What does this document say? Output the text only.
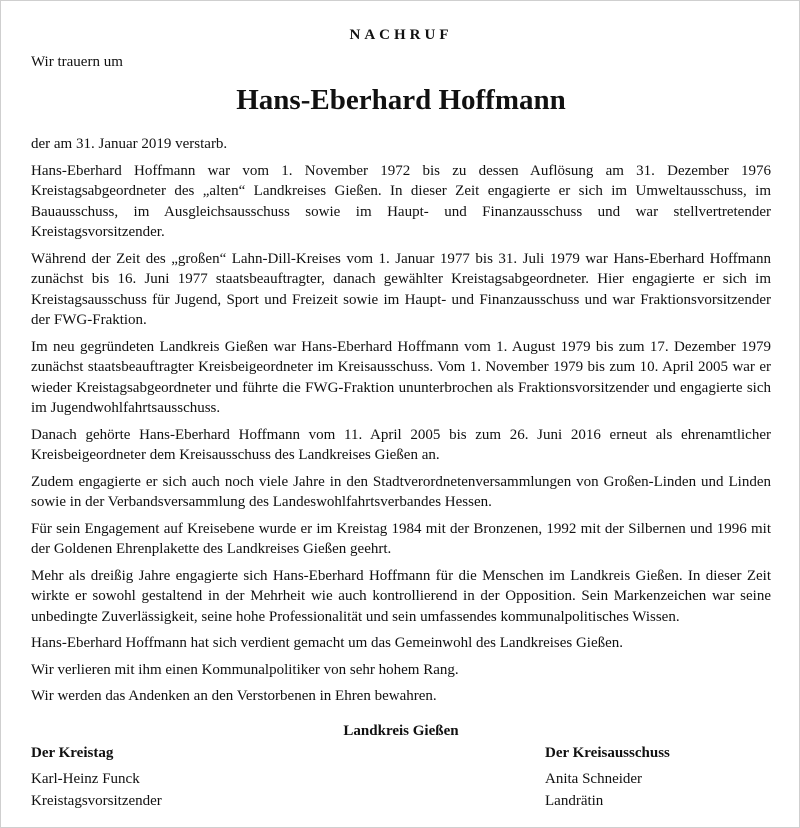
NACHRUF
Wir trauern um
Hans-Eberhard Hoffmann

der am 31. Januar 2019 verstarb.

Hans-Eberhard Hoffmann war vom 1. November 1972 bis zu dessen Auflösung am 31. Dezember 1976 Kreistagsabgeordneter des „alten“ Landkreises Gießen. In dieser Zeit engagierte er sich im Umweltausschuss, im Bauausschuss, im Ausgleichsausschuss sowie im Haupt- und Finanzausschuss und war stellvertretender Kreistagsvorsitzender.

Während der Zeit des „großen“ Lahn-Dill-Kreises vom 1. Januar 1977 bis 31. Juli 1979 war Hans-Eberhard Hoffmann zunächst bis 16. Juni 1977 staatsbeauftragter, danach gewählter Kreistagsabgeordneter. Hier engagierte er sich im Kreistagsausschuss für Jugend, Sport und Freizeit sowie im Haupt- und Finanzausschuss und war Fraktionsvorsitzender der FWG-Fraktion.

Im neu gegründeten Landkreis Gießen war Hans-Eberhard Hoffmann vom 1. August 1979 bis zum 17. Dezember 1979 zunächst staatsbeauftragter Kreisbeigeordneter im Kreisausschuss. Vom 1. November 1979 bis zum 10. April 2005 war er wieder Kreistagsabgeordneter und führte die FWG-Fraktion ununterbrochen als Fraktionsvorsitzender und engagierte sich im Jugendwohlfahrtsausschuss.

Danach gehörte Hans-Eberhard Hoffmann vom 11. April 2005 bis zum 26. Juni 2016 erneut als ehrenamtlicher Kreisbeigeordneter dem Kreisausschuss des Landkreises Gießen an.

Zudem engagierte er sich auch noch viele Jahre in den Stadtverordnetenversammlungen von Großen-Linden und Linden sowie in der Verbandsversammlung des Landeswohlfahrtsverbandes Hessen.

Für sein Engagement auf Kreisebene wurde er im Kreistag 1984 mit der Bronzenen, 1992 mit der Silbernen und 1996 mit der Goldenen Ehrenplakette des Landkreises Gießen geehrt.

Mehr als dreißig Jahre engagierte sich Hans-Eberhard Hoffmann für die Menschen im Landkreis Gießen. In dieser Zeit wirkte er sowohl gestaltend in der Mehrheit wie auch kontrollierend in der Opposition. Sein Markenzeichen war seine unbedingte Zuverlässigkeit, seine hohe Professionalität und sein umfassendes kommunalpolitisches Wissen.

Hans-Eberhard Hoffmann hat sich verdient gemacht um das Gemeinwohl des Landkreises Gießen.

Wir verlieren mit ihm einen Kommunalpolitiker von sehr hohem Rang.

Wir werden das Andenken an den Verstorbenen in Ehren bewahren.

Landkreis Gießen
Der Kreistag
Karl-Heinz Funck
Kreistagsvorsitzender
Der Kreisausschuss
Anita Schneider
Landrätin
